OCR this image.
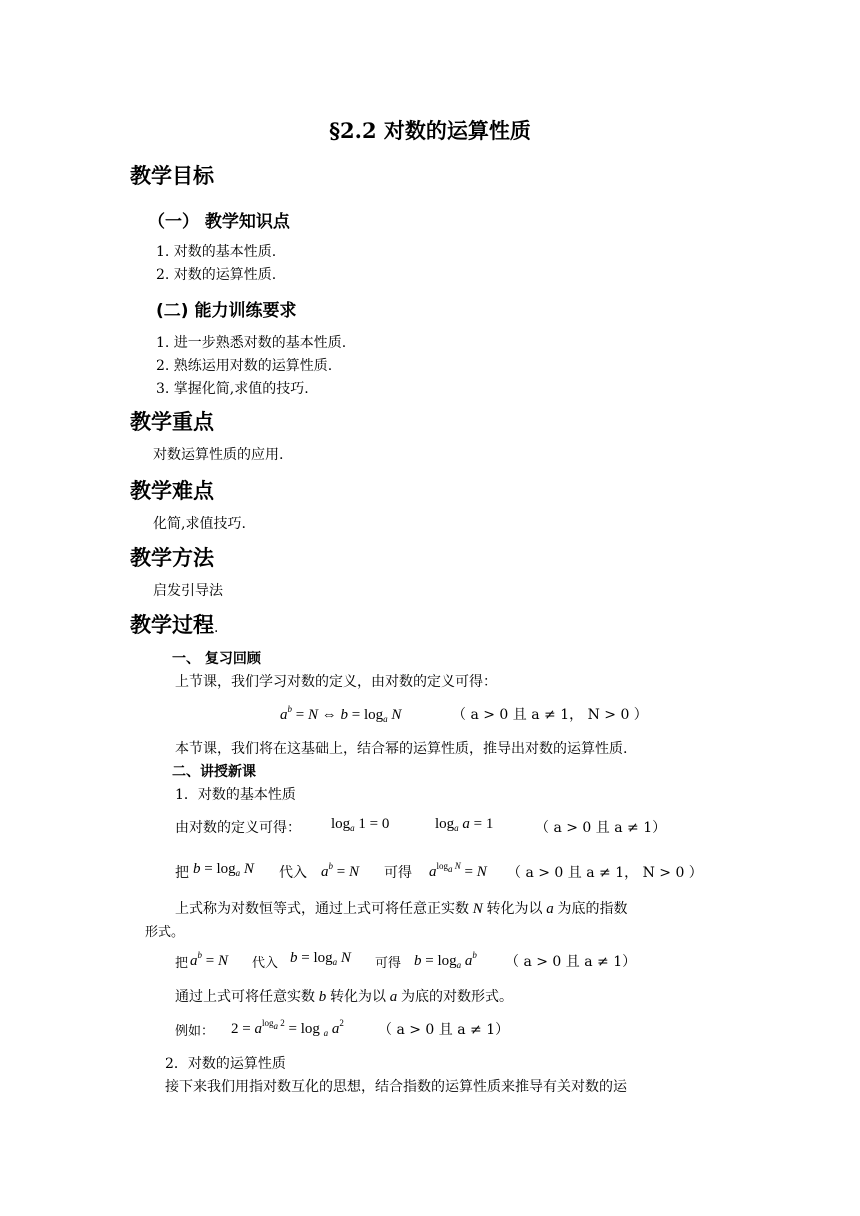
§2.2 对数的运算性质
教学目标
（一） 教学知识点
1. 对数的基本性质.
2. 对数的运算性质.
(二) 能力训练要求
1. 进一步熟悉对数的基本性质.
2. 熟练运用对数的运算性质.
3. 掌握化简,求值的技巧.
教学重点
对数运算性质的应用.
教学难点
化简,求值技巧.
教学方法
启发引导法
教学过程.
一、 复习回顾
上节课，我们学习对数的定义，由对数的定义可得：
$a^b = N$ ⇔ $b = \log_a N$	（ a > 0 且 a ≠ 1， N > 0 ）
本节课，我们将在这基础上，结合幂的运算性质，推导出对数的运算性质.
二、讲授新课
1．对数的基本性质
由对数的定义可得： $\log_a 1 = 0$	$\log_a a = 1$	（ a > 0 且 a ≠ 1）
把 $b = \log_a N$ 代入 $a^b = N$ 可得 $a^{log_a N} = N$ （ a > 0 且 a ≠ 1， N > 0 ）
上式称为对数恒等式，通过上式可将任意正实数 N 转化为以 a 为底的指数
形式。
把 $a^b = N$ 代入 $b = \log_a N$ 可得 $b = \log_a a^b$ （ a > 0 且 a ≠ 1）
通过上式可将任意实数 b 转化为以 a 为底的对数形式。
例如： $2 = a^{log_a 2} = \log _a$ $a^2$ （ a > 0 且 a ≠ 1）
2．对数的运算性质
接下来我们用指对数互化的思想，结合指数的运算性质来推导有关对数的运
